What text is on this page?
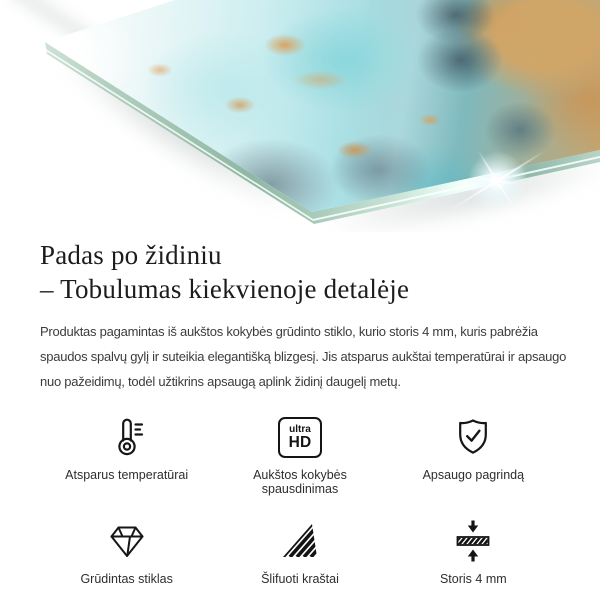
Padas po židiniu
– Tobulumas kiekvienoje detalėje

Produktas pagamintas iš aukštos kokybės grūdinto stiklo, kurio storis 4 mm, kuris pabrėžia spaudos spalvų gylį ir suteikia elegantišką blizgesį. Jis atsparus aukštai temperatūrai ir apsaugo nuo pažeidimų, todėl užtikrins apsaugą aplink židinį daugelį metų.

Atsparus temperatūrai
ultra
HD
Aukštos kokybės spausdinimas
Apsaugo pagrindą
Grūdintas stiklas	Šlifuoti kraštai	Storis 4 mm
